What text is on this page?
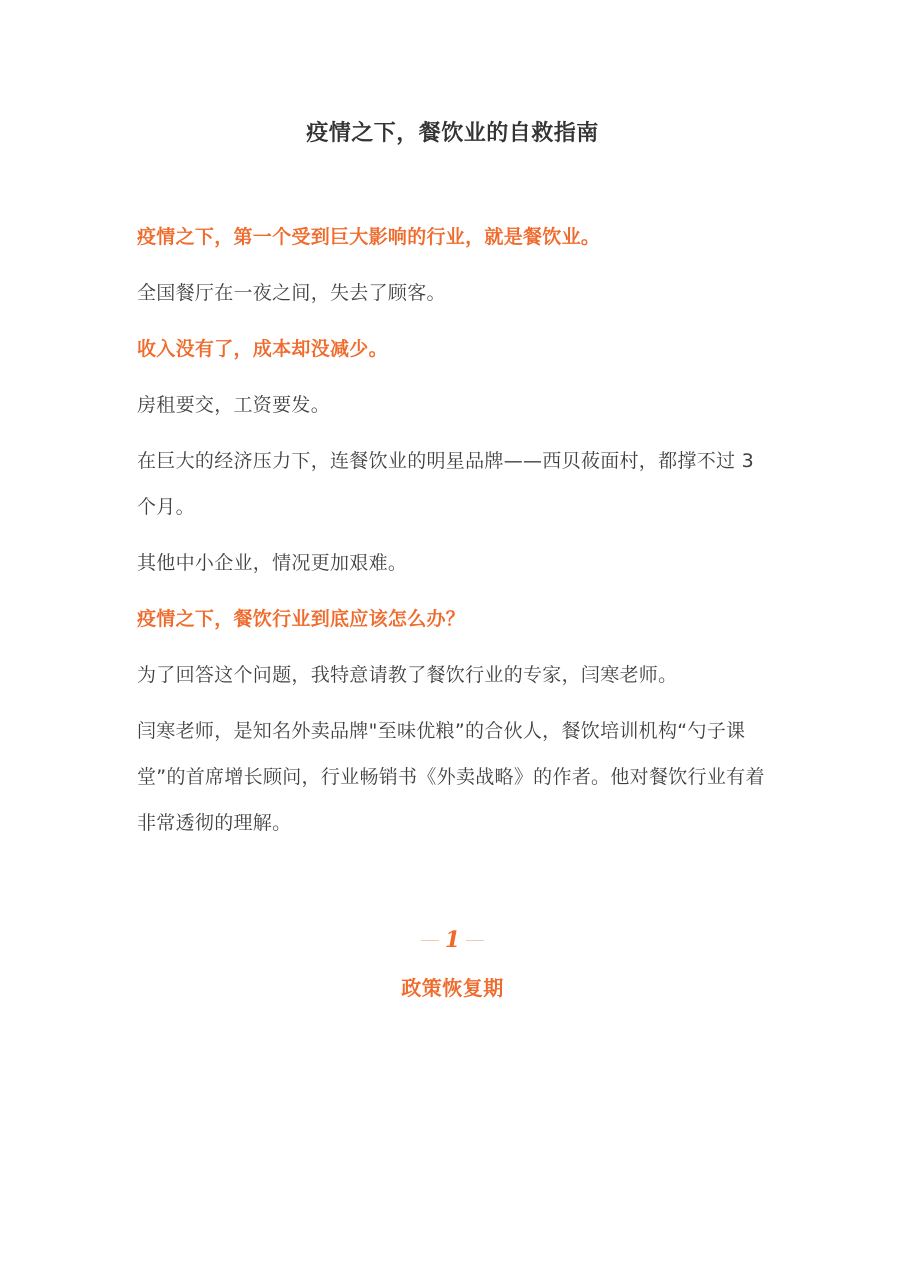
疫情之下，餐饮业的自救指南

疫情之下，第一个受到巨大影响的行业，就是餐饮业。

全国餐厅在一夜之间，失去了顾客。

收入没有了，成本却没减少。

房租要交，工资要发。

在巨大的经济压力下，连餐饮业的明星品牌——西贝莜面村，都撑不过 3 个月。

其他中小企业，情况更加艰难。

疫情之下，餐饮行业到底应该怎么办？

为了回答这个问题，我特意请教了餐饮行业的专家，闫寒老师。

闫寒老师，是知名外卖品牌"至味优粮”的合伙人，餐饮培训机构“勺子课堂”的首席增长顾问，行业畅销书《外卖战略》的作者。他对餐饮行业有着非常透彻的理解。

1
政策恢复期
